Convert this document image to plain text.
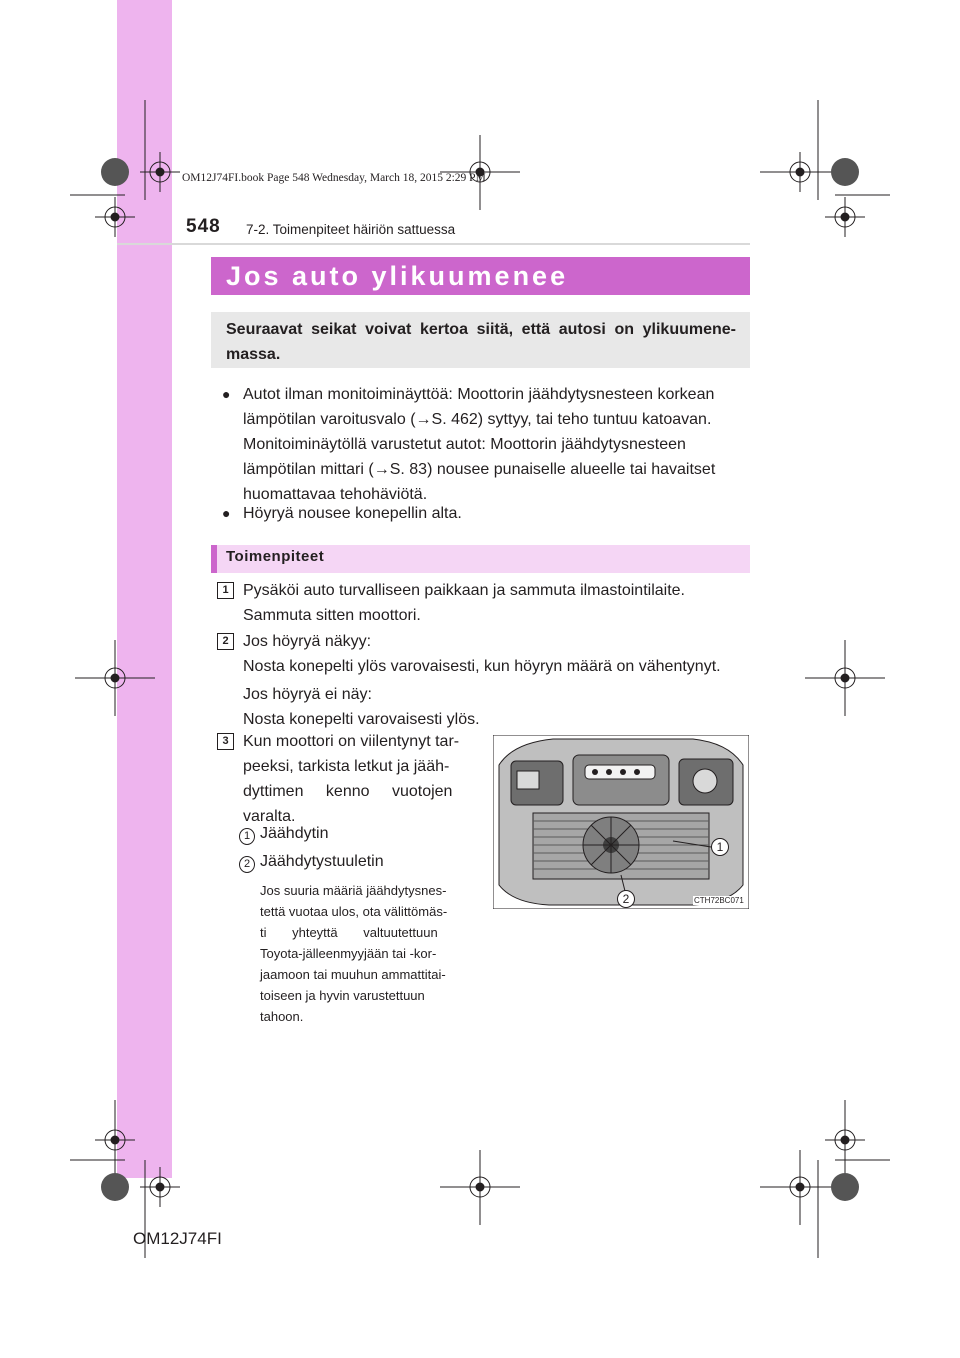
OM12J74FI.book Page 548 Wednesday, March 18, 2015 2:29 PM
548 7-2. Toimenpiteet häiriön sattuessa
Jos auto ylikuumenee
Seuraavat seikat voivat kertoa siitä, että autosi on ylikuumene-massa.
● Autot ilman monitoiminäyttöä: Moottorin jäähdytysnesteen korkean
lämpötilan varoitusvalo (→S. 462) syttyy, tai teho tuntuu katoavan.
Monitoiminäytöllä varustetut autot: Moottorin jäähdytysnesteen
lämpötilan mittari (→S. 83) nousee punaiselle alueelle tai havaitset
huomattavaa tehohäviötä.
● Höyryä nousee konepellin alta.
Toimenpiteet
1 Pysäköi auto turvalliseen paikkaan ja sammuta ilmastointilaite.
Sammuta sitten moottori.
2 Jos höyryä näkyy:
Nosta konepelti ylös varovaisesti, kun höyryn määrä on vähentynyt.
Jos höyryä ei näy:
Nosta konepelti varovaisesti ylös.
3 Kun moottori on viilentynyt tar-
peeksi, tarkista letkut ja jääh-
dyttimen kenno vuotojen
varalta.
1 Jäähdytin
2 Jäähdytystuuletin
Jos suuria määriä jäähdytysnes-
tettä vuotaa ulos, ota välittömäs-
ti yhteyttä valtuutettuun
Toyota-jälleenmyyjään tai -kor-
jaamoon tai muuhun ammattitai-
toiseen ja hyvin varustettuun
tahoon.
1
2	CTH72BC071
OM12J74FI
